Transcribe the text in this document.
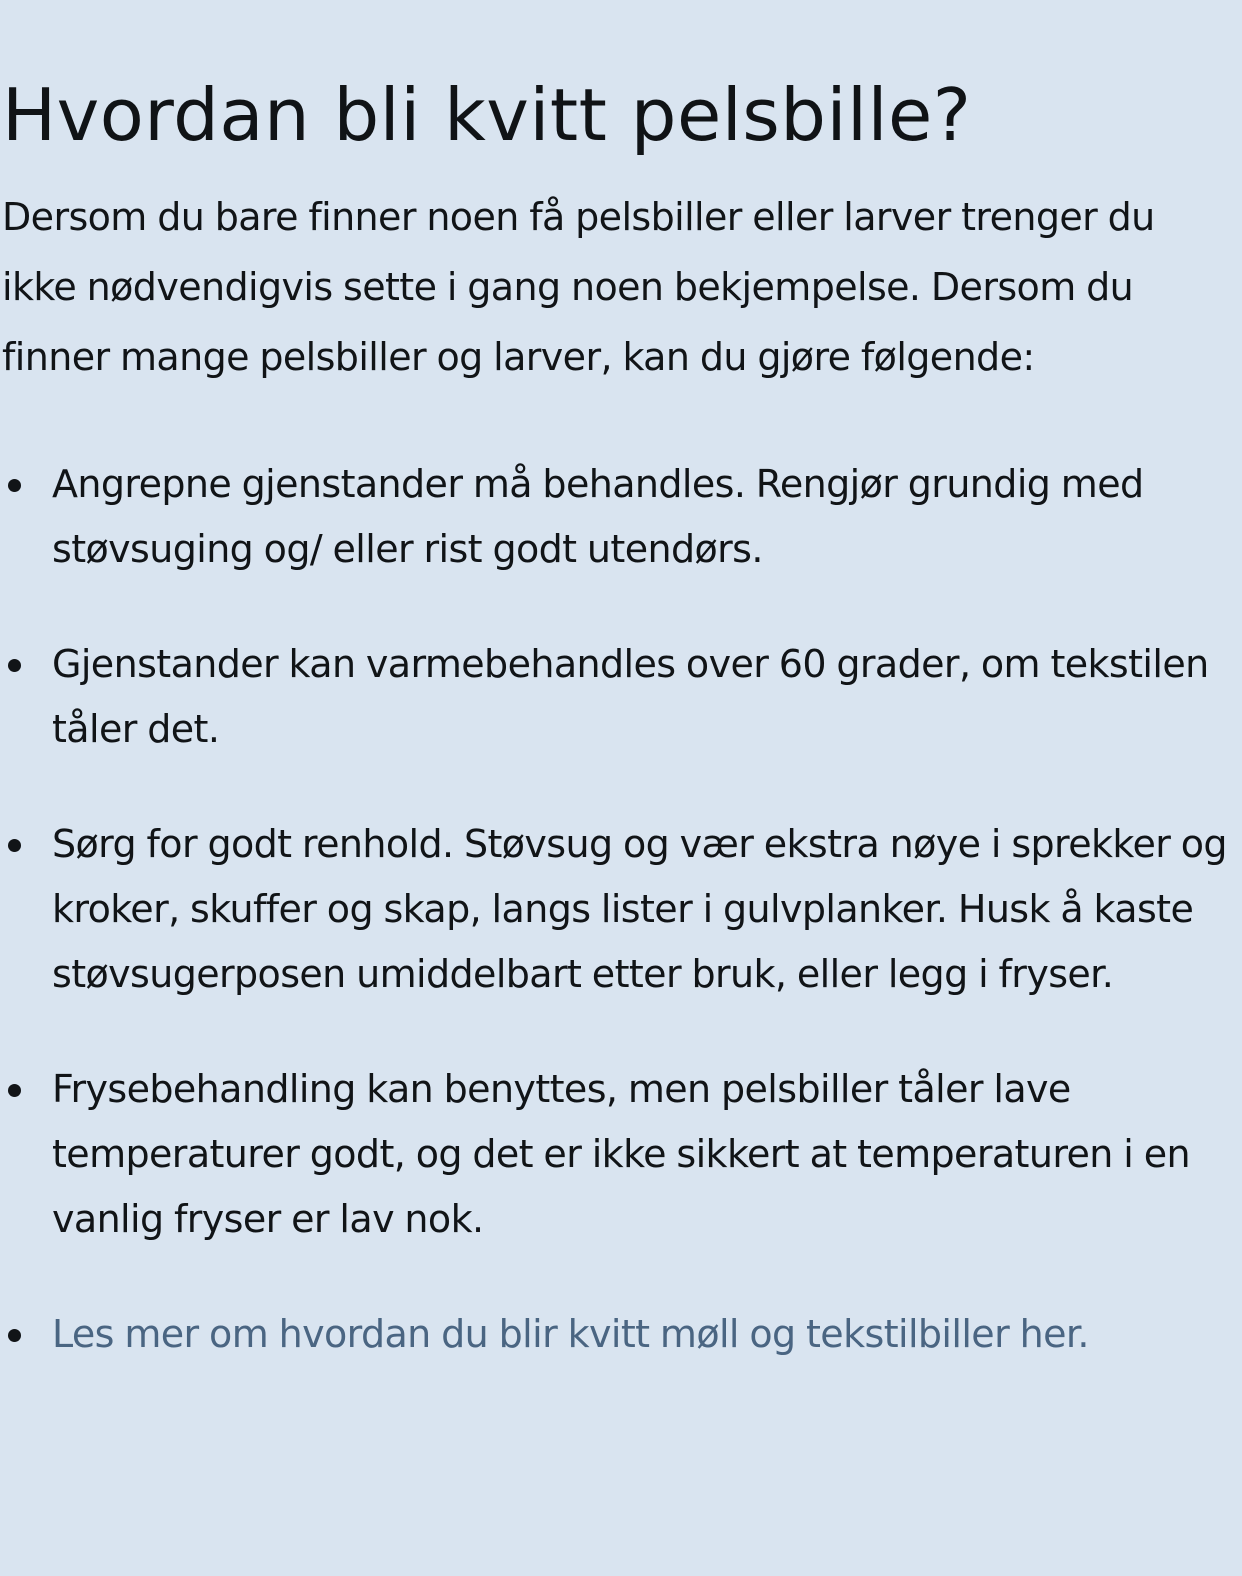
Hvordan bli kvitt pelsbille?

Dersom du bare finner noen få pelsbiller eller larver trenger du ikke nødvendigvis sette i gang noen bekjempelse. Dersom du finner mange pelsbiller og larver, kan du gjøre følgende:

Angrepne gjenstander må behandles. Rengjør grundig med støvsuging og/ eller rist godt utendørs.
Gjenstander kan varmebehandles over 60 grader, om tekstilen tåler det.
Sørg for godt renhold. Støvsug og vær ekstra nøye i sprekker og kroker, skuffer og skap, langs lister i gulvplanker. Husk å kaste støvsugerposen umiddelbart etter bruk, eller legg i fryser.
Frysebehandling kan benyttes, men pelsbiller tåler lave temperaturer godt, og det er ikke sikkert at temperaturen i en vanlig fryser er lav nok.
Les mer om hvordan du blir kvitt møll og tekstilbiller her.
